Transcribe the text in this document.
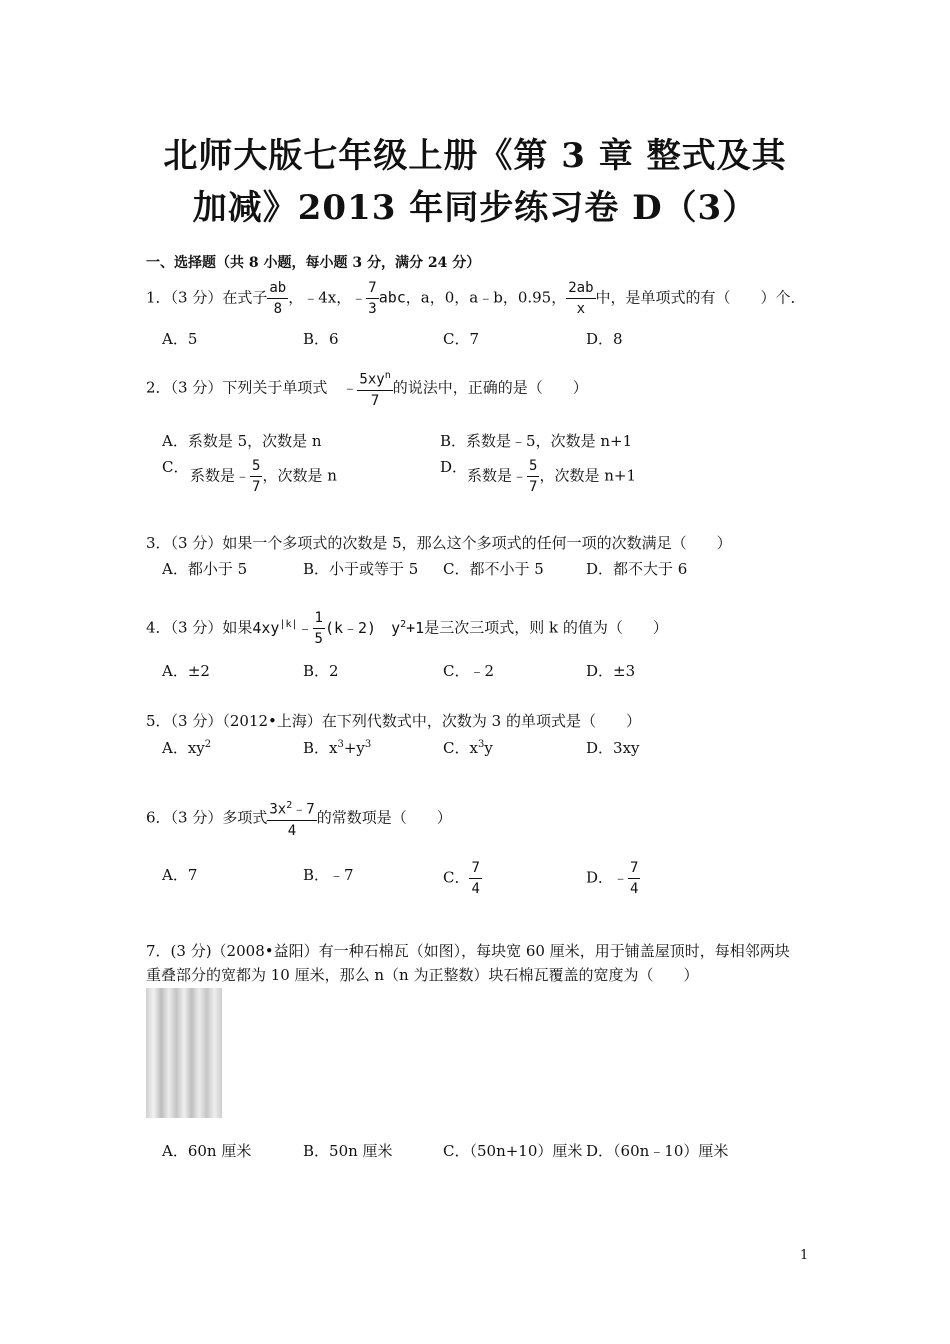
北师大版七年级上册《第 3 章 整式及其
加减》2013 年同步练习卷 D（3）
一、选择题（共 8 小题，每小题 3 分，满分 24 分）
1．（3 分）在式子 $\frac{ab}{8}$ ，﹣4x，﹣ $\frac{7}{3}$ abc，a，0，a﹣b，0.95， $\frac{2ab}{x}$ 中，是单项式的有（　　）个．
A．5	B．6	C．7	D．8
2．（3 分）下列关于单项式　 ﹣ $\frac{5xy^n}{7}$ 的说法中，正确的是（　　）
A．系数是 5，次数是 n	B．系数是﹣5，次数是 n+1
C． 系数是﹣ $\frac{5}{7}$ ，次数是 n	D． 系数是﹣ $\frac{5}{7}$ ，次数是 n+1
3．（3 分）如果一个多项式的次数是 5，那么这个多项式的任何一项的次数满足（　　）
A．都小于 5	B．小于或等于 5 C．都不小于 5	D．都不大于 6
4．（3 分）如果$4xy^{|k|}﹣ \frac{1}{5}$ (k﹣2)　$y^2+1$是三次三项式，则 k 的值为（　　）
A．±2	B．2	C．﹣2	D．±3
5．（3 分）（2012•上海）在下列代数式中，次数为 3 的单项式是（　　）
A．$xy^2$	B．$x^3+y^3$	C．$x^3y$	D．3xy
6．（3 分）多项式 $\frac{3x^2﹣7}{4}$ 的常数项是（　　）
A．7	B．﹣7	C． $\frac{7}{4}$	D．﹣ $\frac{7}{4}$
7．(3 分)（2008•益阳）有一种石棉瓦（如图），每块宽 60 厘米，用于铺盖屋顶时，每相邻两块
重叠部分的宽都为 10 厘米，那么 n（n 为正整数）块石棉瓦覆盖的宽度为（　　）
A．60n 厘米	B．50n 厘米	C．（50n+10）厘米 D．（60n﹣10）厘米
1
